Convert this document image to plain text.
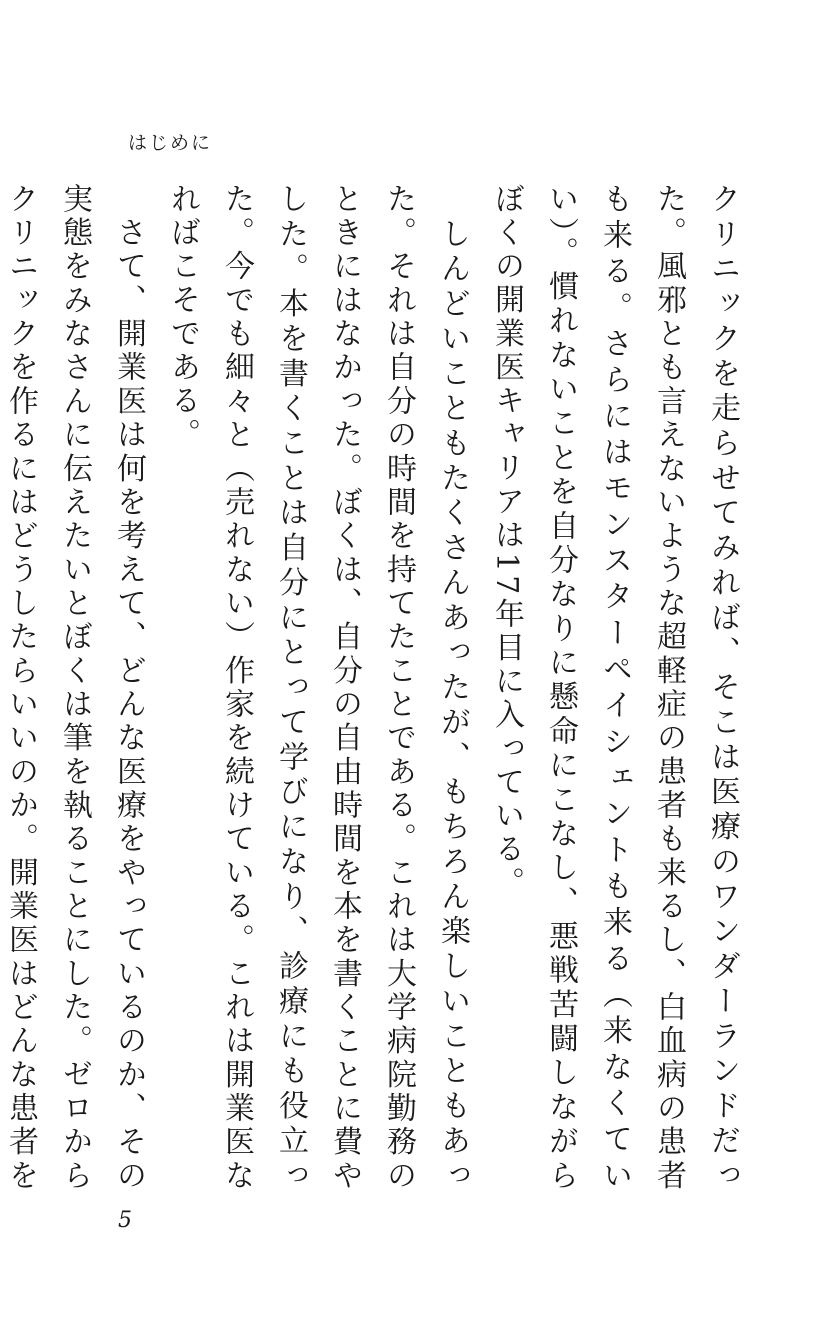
はじめに

クリニックを走らせてみれば、そこは医療のワンダーランドだった。風邪とも言えないような超軽症の患者も来るし、白血病の患者も来る。さらにはモンスターペイシェントも来る（来なくていい）。慣れないことを自分なりに懸命にこなし、悪戦苦闘しながらぼくの開業医キャリアは17年目に入っている。

　しんどいこともたくさんあったが、もちろん楽しいこともあった。それは自分の時間を持てたことである。これは大学病院勤務のときにはなかった。ぼくは、自分の自由時間を本を書くことに費やした。本を書くことは自分にとって学びになり、診療にも役立った。今でも細々と（売れない）作家を続けている。これは開業医なればこそである。

　さて、開業医は何を考えて、どんな医療をやっているのか、その実態をみなさんに伝えたいとぼくは筆を執ることにした。ゼロからクリニックを作るにはどうしたらいいのか。開業医はどんな患者を

5
